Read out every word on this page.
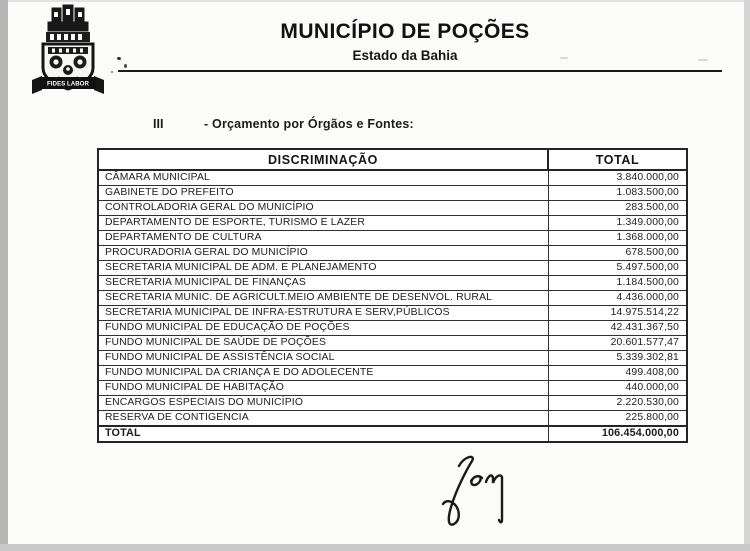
FIDES LABOR
MUNICÍPIO DE POÇÕES
Estado da Bahia
III	- Orçamento por Órgãos e Fontes:
DISCRIMINAÇÃO	TOTAL
CÂMARA MUNICIPAL	3.840.000,00
GABINETE DO PREFEITO	1.083.500,00
CONTROLADORIA GERAL DO MUNICÍPIO	283.500,00
DEPARTAMENTO DE ESPORTE, TURISMO E LAZER	1.349.000,00
DEPARTAMENTO DE CULTURA	1.368.000,00
PROCURADORIA GERAL DO MUNICÍPIO	678.500,00
SECRETARIA MUNICIPAL DE ADM. E PLANEJAMENTO	5.497.500,00
SECRETARIA MUNICIPAL DE FINANÇAS	1.184.500,00
SECRETARIA MUNIC. DE AGRICULT.MEIO AMBIENTE DE DESENVOL. RURAL	4.436.000,00
SECRETARIA MUNICIPAL DE INFRA-ESTRUTURA E SERV,PÚBLICOS	14.975.514,22
FUNDO MUNICIPAL DE EDUCAÇÃO DE POÇÕES	42.431.367,50
FUNDO MUNICIPAL DE SAÚDE DE POÇÕES	20.601.577,47
FUNDO MUNICIPAL DE ASSISTÊNCIA SOCIAL	5.339.302,81
FUNDO MUNICIPAL DA CRIANÇA E DO ADOLECENTE	499.408,00
FUNDO MUNICIPAL DE HABITAÇÃO	440.000,00
ENCARGOS ESPECIAIS DO MUNICÍPIO	2.220.530,00
RESERVA DE CONTIGENCIA	225.800,00
TOTAL	106.454.000,00
